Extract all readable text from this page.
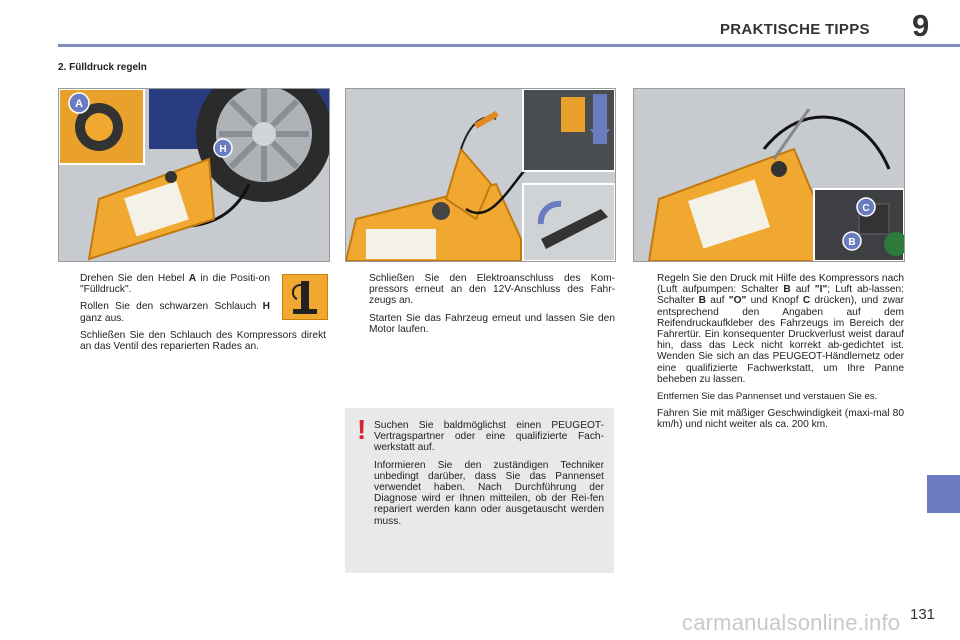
PRAKTISCHE TIPPS 9
2. Fülldruck regeln
A
H
C
B
Drehen Sie den Hebel A in die Positi-on "Fülldruck".
Rollen Sie den schwarzen Schlauch H ganz aus.
Schließen Sie den Schlauch des Kompressors direkt an das Ventil des reparierten Rades an.
Schließen Sie den Elektroanschluss des Kom-pressors erneut an den 12V-Anschluss des Fahr-zeugs an.
Starten Sie das Fahrzeug erneut und lassen Sie den Motor laufen.
Regeln Sie den Druck mit Hilfe des Kompressors nach (Luft aufpumpen: Schalter B auf "I"; Luft ab-lassen: Schalter B auf "O" und Knopf C drücken), und zwar entsprechend den Angaben auf dem Reifendruckaufkleber des Fahrzeugs im Bereich der Fahrertür. Ein konsequenter Druckverlust weist darauf hin, dass das Leck nicht korrekt ab-gedichtet ist. Wenden Sie sich an das PEUGEOT-Händlernetz oder eine qualifizierte Fachwerkstatt, um Ihre Panne beheben zu lassen.
Entfernen Sie das Pannenset und verstauen Sie es.
Fahren Sie mit mäßiger Geschwindigkeit (maxi-mal 80 km/h) und nicht weiter als ca. 200 km.
! Suchen Sie baldmöglichst einen PEUGEOT-Vertragspartner oder eine qualifizierte Fach-werkstatt auf.

Informieren Sie den zuständigen Techniker unbedingt darüber, dass Sie das Pannenset verwendet haben. Nach Durchführung der Diagnose wird er Ihnen mitteilen, ob der Rei-fen repariert werden kann oder ausgetauscht werden muss.

carmanualsonline.info 131
